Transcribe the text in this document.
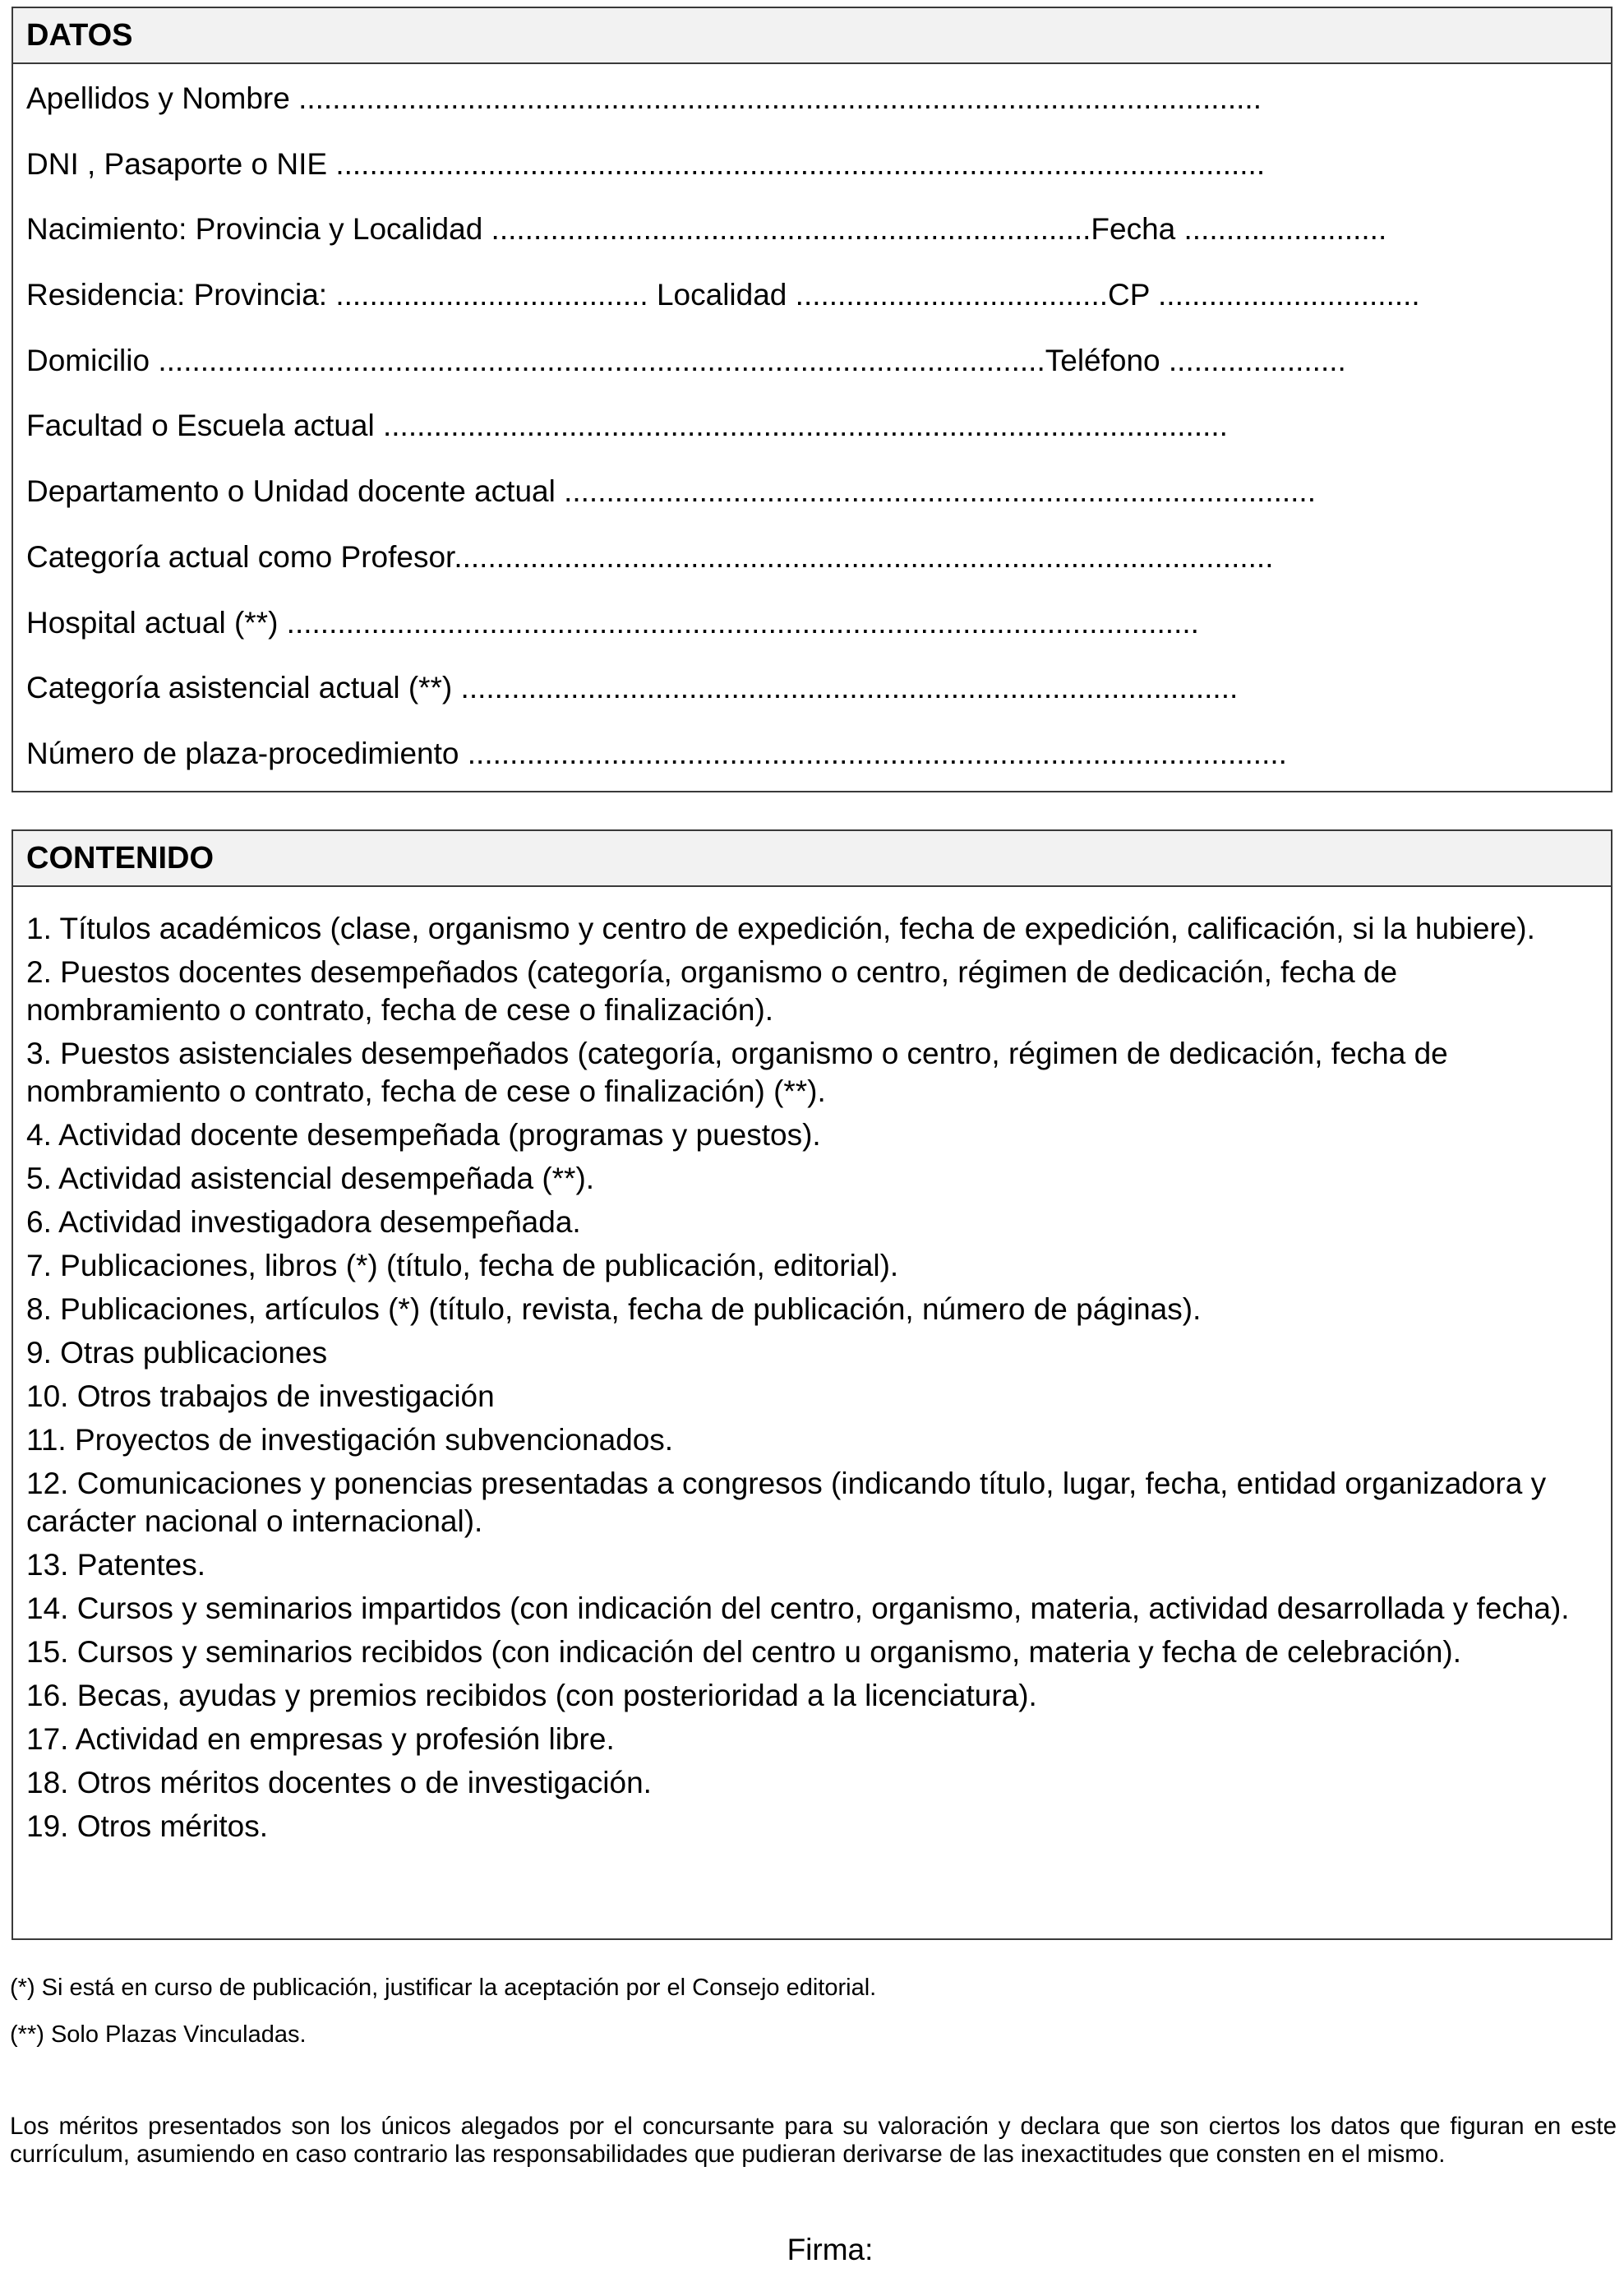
DATOS
Apellidos y Nombre ..................................................................................................................
DNI , Pasaporte o NIE ..............................................................................................................
Nacimiento: Provincia y Localidad .......................................................................Fecha ........................
Residencia: Provincia: ..................................... Localidad .....................................CP ...............................
Domicilio .........................................................................................................Teléfono .....................
Facultad o Escuela actual ....................................................................................................
Departamento o Unidad docente actual .........................................................................................
Categoría actual como Profesor.................................................................................................
Hospital actual (**) ............................................................................................................
Categoría asistencial actual (**) ............................................................................................
Número de plaza-procedimiento .................................................................................................
CONTENIDO
1. Títulos académicos (clase, organismo y centro de expedición, fecha de expedición, calificación, si la hubiere).
2. Puestos docentes desempeñados (categoría, organismo o centro, régimen de dedicación, fecha de nombramiento o contrato, fecha de cese o finalización).
3. Puestos asistenciales desempeñados (categoría, organismo o centro, régimen de dedicación, fecha de nombramiento o contrato, fecha de cese o finalización) (**).
4. Actividad docente desempeñada (programas y puestos).
5. Actividad asistencial desempeñada (**).
6. Actividad investigadora desempeñada.
7. Publicaciones, libros (*) (título, fecha de publicación, editorial).
8. Publicaciones, artículos (*) (título, revista, fecha de publicación, número de páginas).
9. Otras publicaciones
10. Otros trabajos de investigación
11. Proyectos de investigación subvencionados.
12. Comunicaciones y ponencias presentadas a congresos (indicando título, lugar, fecha, entidad organizadora y carácter nacional o internacional).
13. Patentes.
14. Cursos y seminarios impartidos (con indicación del centro, organismo, materia, actividad desarrollada y fecha).
15. Cursos y seminarios recibidos (con indicación del centro u organismo, materia y fecha de celebración).
16. Becas, ayudas y premios recibidos (con posterioridad a la licenciatura).
17. Actividad en empresas y profesión libre.
18. Otros méritos docentes o de investigación.
19. Otros méritos.
(*) Si está en curso de publicación, justificar la aceptación por el Consejo editorial.
(**) Solo Plazas Vinculadas.
Los méritos presentados son los únicos alegados por el concursante para su valoración y declara que son ciertos los datos que figuran en este currículum, asumiendo en caso contrario las responsabilidades que pudieran derivarse de las inexactitudes que consten en el mismo.
Firma:
